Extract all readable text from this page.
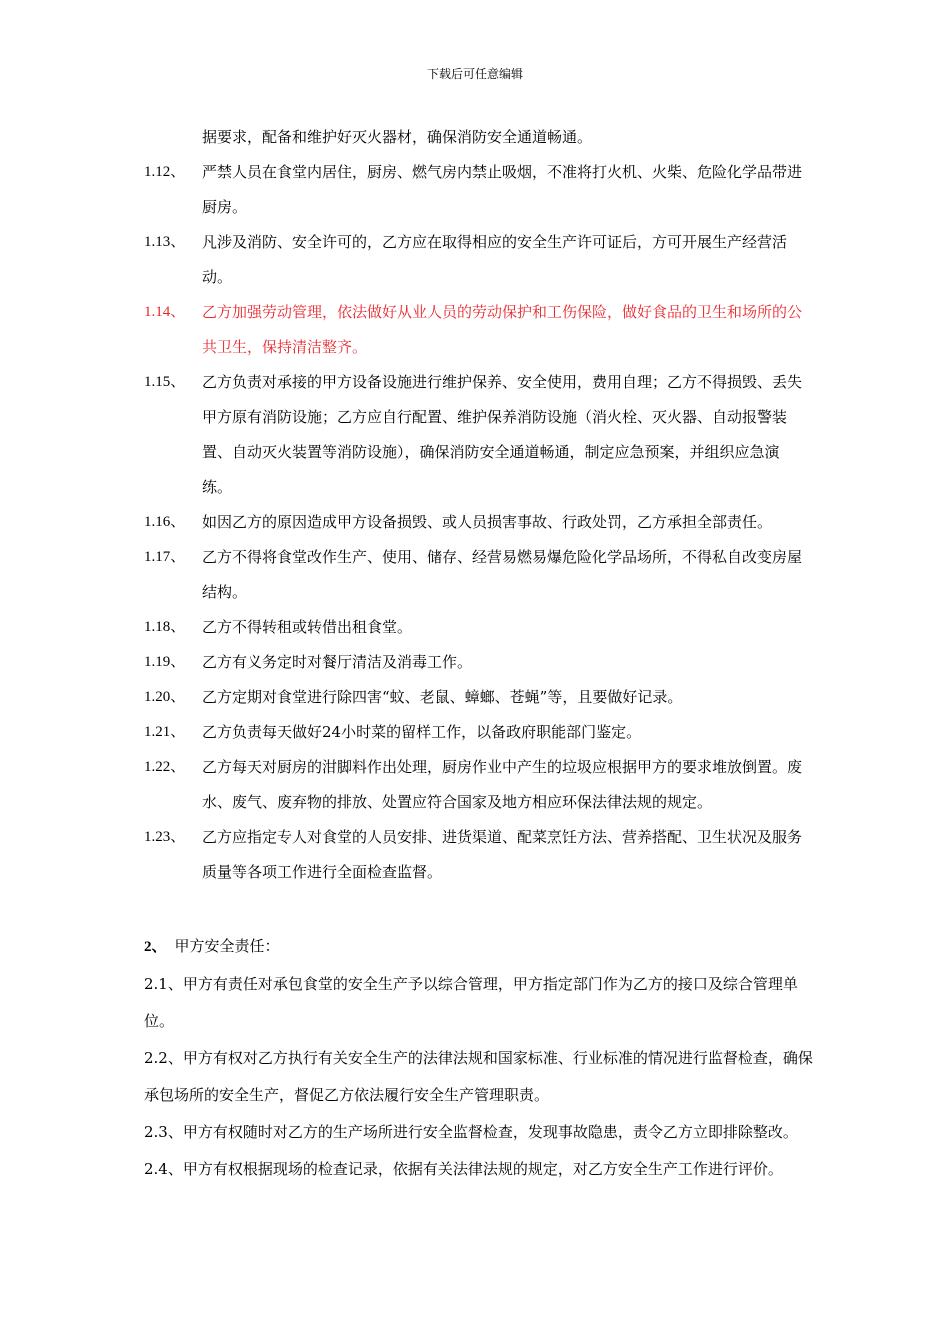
下载后可任意编辑
据要求，配备和维护好灭火器材，确保消防安全通道畅通。
1.12、 严禁人员在食堂内居住，厨房、燃气房内禁止吸烟，不准将打火机、火柴、危险化学品带进厨房。
1.13、 凡涉及消防、安全许可的，乙方应在取得相应的安全生产许可证后，方可开展生产经营活动。
1.14、 乙方加强劳动管理，依法做好从业人员的劳动保护和工伤保险，做好食品的卫生和场所的公共卫生，保持清洁整齐。
1.15、 乙方负责对承接的甲方设备设施进行维护保养、安全使用，费用自理；乙方不得损毁、丢失甲方原有消防设施；乙方应自行配置、维护保养消防设施（消火栓、灭火器、自动报警装置、自动灭火装置等消防设施），确保消防安全通道畅通，制定应急预案，并组织应急演练。
1.16、 如因乙方的原因造成甲方设备损毁、或人员损害事故、行政处罚，乙方承担全部责任。
1.17、 乙方不得将食堂改作生产、使用、储存、经营易燃易爆危险化学品场所，不得私自改变房屋结构。
1.18、 乙方不得转租或转借出租食堂。
1.19、 乙方有义务定时对餐厅清洁及消毒工作。
1.20、 乙方定期对食堂进行除四害“蚊、老鼠、蟑螂、苍蝇”等，且要做好记录。
1.21、 乙方负责每天做好24小时菜的留样工作，以备政府职能部门鉴定。
1.22、 乙方每天对厨房的泔脚料作出处理，厨房作业中产生的垃圾应根据甲方的要求堆放倒置。废水、废气、废弃物的排放、处置应符合国家及地方相应环保法律法规的规定。
1.23、 乙方应指定专人对食堂的人员安排、进货渠道、配菜烹饪方法、营养搭配、卫生状况及服务质量等各项工作进行全面检查监督。
2、 甲方安全责任：
2.1、甲方有责任对承包食堂的安全生产予以综合管理，甲方指定部门作为乙方的接口及综合管理单位。
2.2、甲方有权对乙方执行有关安全生产的法律法规和国家标准、行业标准的情况进行监督检查，确保承包场所的安全生产，督促乙方依法履行安全生产管理职责。
2.3、甲方有权随时对乙方的生产场所进行安全监督检查，发现事故隐患，责令乙方立即排除整改。
2.4、甲方有权根据现场的检查记录，依据有关法律法规的规定，对乙方安全生产工作进行评价。
